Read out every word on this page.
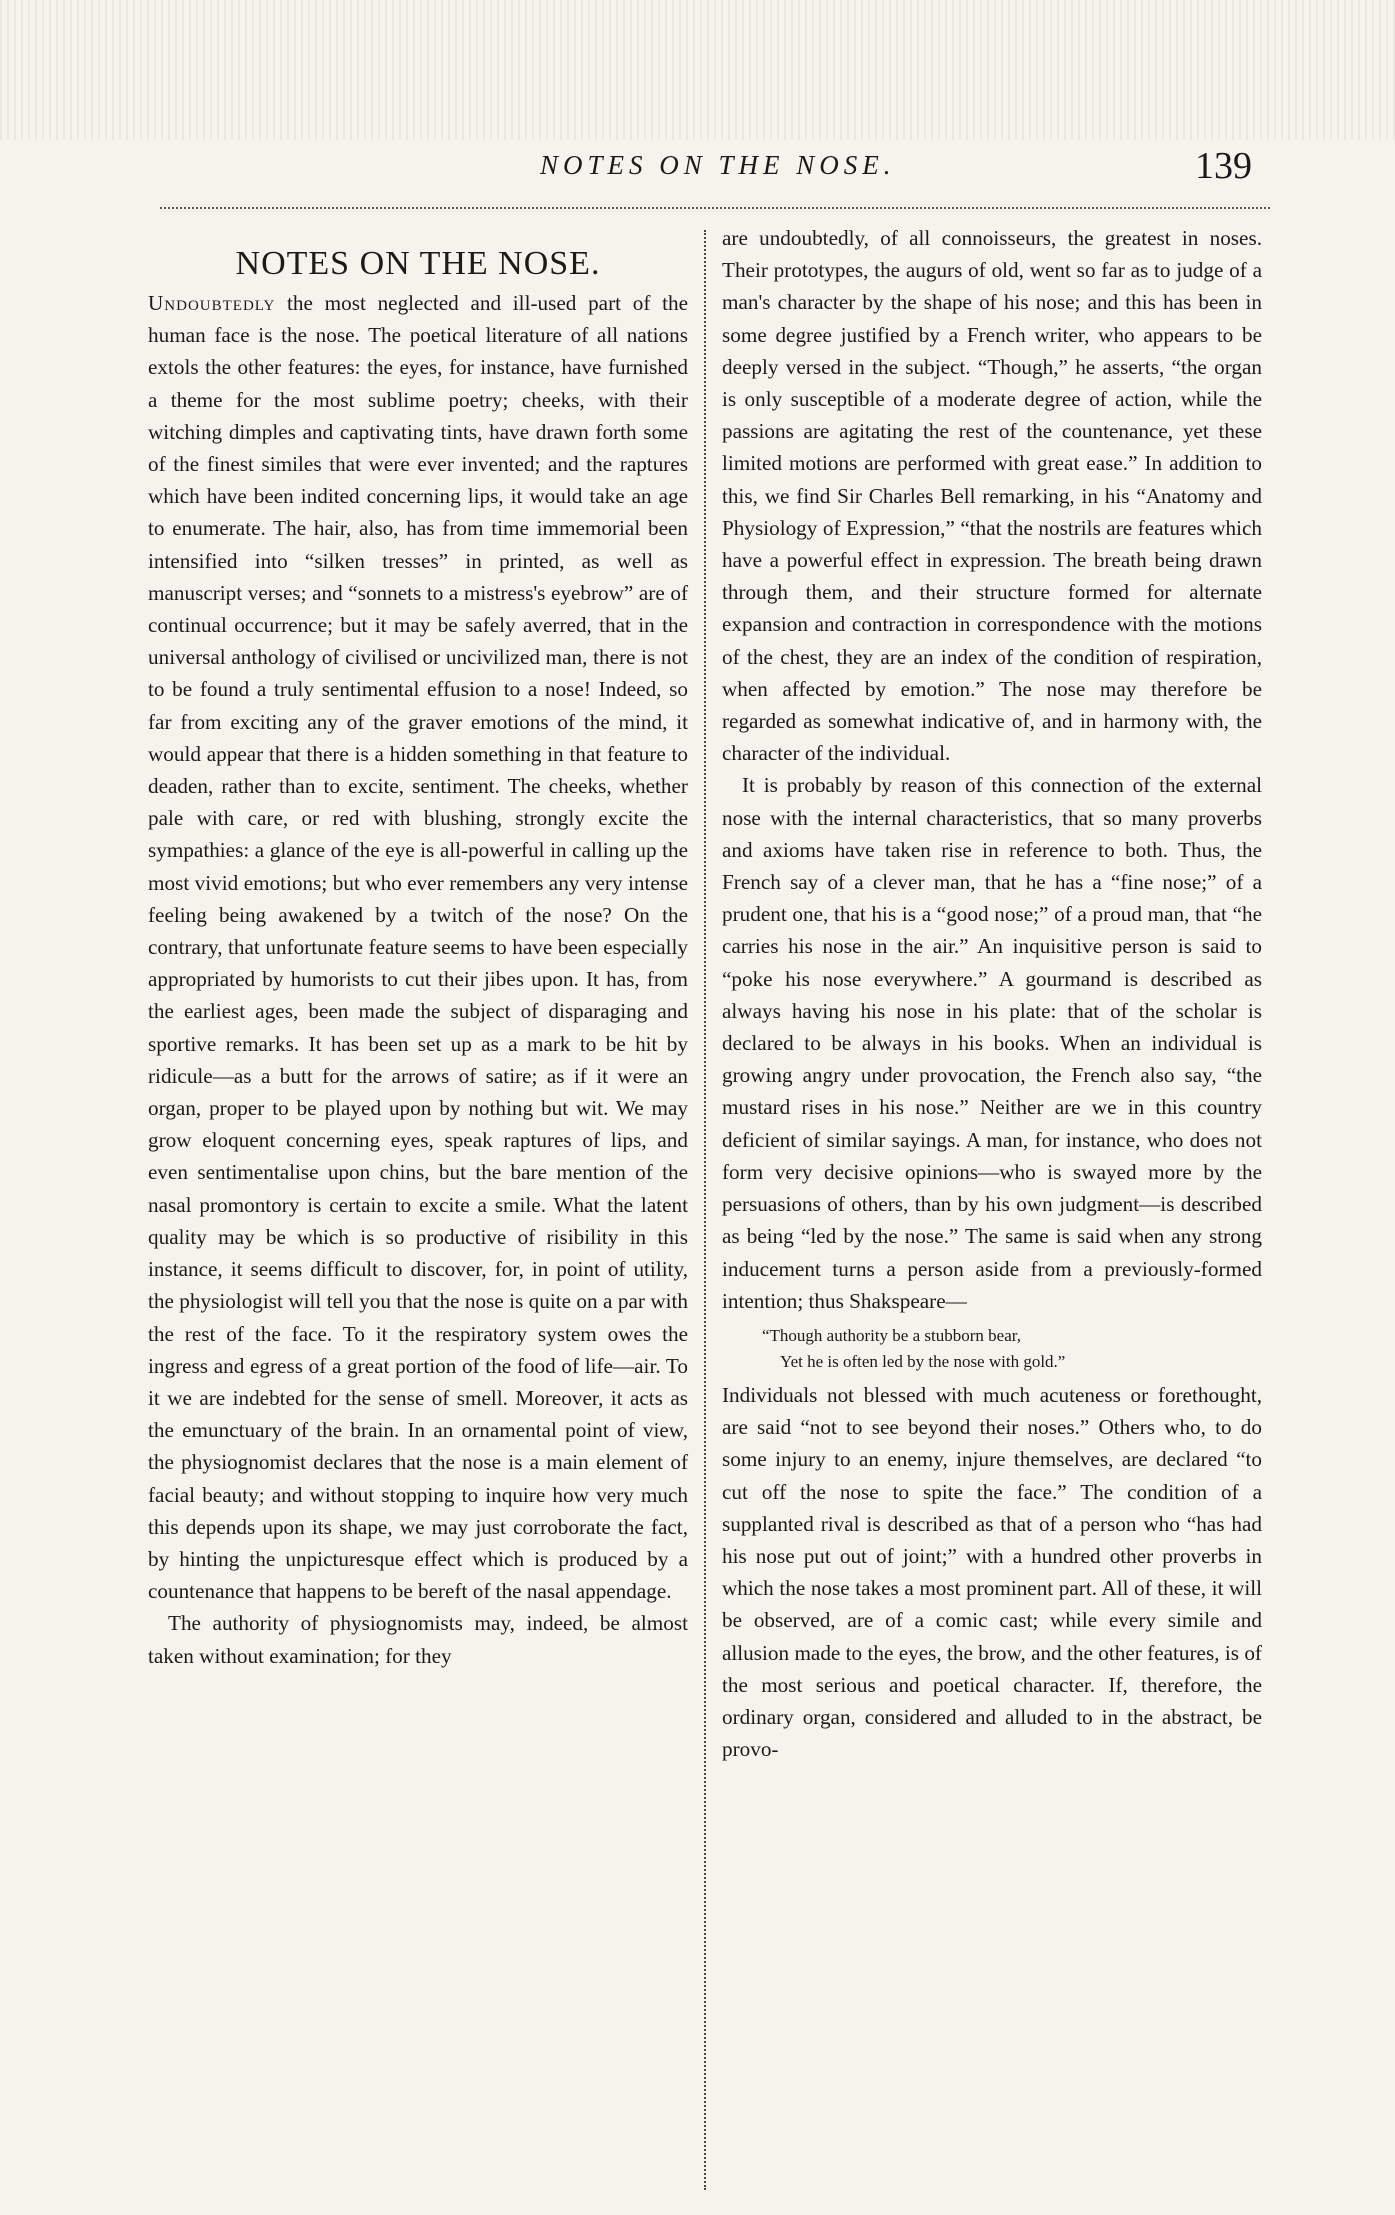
NOTES ON THE NOSE.	139
NOTES ON THE NOSE.

Undoubtedly the most neglected and ill-used part of the human face is the nose. The poetical literature of all nations extols the other features: the eyes, for instance, have furnished a theme for the most sublime poetry; cheeks, with their witching dimples and captivating tints, have drawn forth some of the finest similes that were ever invented; and the raptures which have been indited concerning lips, it would take an age to enumerate. The hair, also, has from time immemorial been intensified into “silken tresses” in printed, as well as manuscript verses; and “sonnets to a mistress's eyebrow” are of continual occurrence; but it may be safely averred, that in the universal anthology of civilised or uncivilized man, there is not to be found a truly sentimental effusion to a nose! Indeed, so far from exciting any of the graver emotions of the mind, it would appear that there is a hidden something in that feature to deaden, rather than to excite, sentiment. The cheeks, whether pale with care, or red with blushing, strongly excite the sympathies: a glance of the eye is all-powerful in calling up the most vivid emotions; but who ever remembers any very intense feeling being awakened by a twitch of the nose? On the contrary, that unfortunate feature seems to have been especially appropriated by humorists to cut their jibes upon. It has, from the earliest ages, been made the subject of disparaging and sportive remarks. It has been set up as a mark to be hit by ridicule—as a butt for the arrows of satire; as if it were an organ, proper to be played upon by nothing but wit. We may grow eloquent concerning eyes, speak raptures of lips, and even sentimentalise upon chins, but the bare mention of the nasal promontory is certain to excite a smile. What the latent quality may be which is so productive of risibility in this instance, it seems difficult to discover, for, in point of utility, the physiologist will tell you that the nose is quite on a par with the rest of the face. To it the respiratory system owes the ingress and egress of a great portion of the food of life—air. To it we are indebted for the sense of smell. Moreover, it acts as the emunctuary of the brain. In an ornamental point of view, the physiognomist declares that the nose is a main element of facial beauty; and without stopping to inquire how very much this depends upon its shape, we may just corroborate the fact, by hinting the unpicturesque effect which is produced by a countenance that happens to be bereft of the nasal appendage.

The authority of physiognomists may, indeed, be almost taken without examination; for they

are undoubtedly, of all connoisseurs, the greatest in noses. Their prototypes, the augurs of old, went so far as to judge of a man's character by the shape of his nose; and this has been in some degree justified by a French writer, who appears to be deeply versed in the subject. “Though,” he asserts, “the organ is only susceptible of a moderate degree of action, while the passions are agitating the rest of the countenance, yet these limited motions are performed with great ease.” In addition to this, we find Sir Charles Bell remarking, in his “Anatomy and Physiology of Expression,” “that the nostrils are features which have a powerful effect in expression. The breath being drawn through them, and their structure formed for alternate expansion and contraction in correspondence with the motions of the chest, they are an index of the condition of respiration, when affected by emotion.” The nose may therefore be regarded as somewhat indicative of, and in harmony with, the character of the individual.

It is probably by reason of this connection of the external nose with the internal characteristics, that so many proverbs and axioms have taken rise in reference to both. Thus, the French say of a clever man, that he has a “fine nose;” of a prudent one, that his is a “good nose;” of a proud man, that “he carries his nose in the air.” An inquisitive person is said to “poke his nose everywhere.” A gourmand is described as always having his nose in his plate: that of the scholar is declared to be always in his books. When an individual is growing angry under provocation, the French also say, “the mustard rises in his nose.” Neither are we in this country deficient of similar sayings. A man, for instance, who does not form very decisive opinions—who is swayed more by the persuasions of others, than by his own judgment—is described as being “led by the nose.” The same is said when any strong inducement turns a person aside from a previously-formed intention; thus Shakspeare—

“Though authority be a stubborn bear,
Yet he is often led by the nose with gold.”

Individuals not blessed with much acuteness or forethought, are said “not to see beyond their noses.” Others who, to do some injury to an enemy, injure themselves, are declared “to cut off the nose to spite the face.” The condition of a supplanted rival is described as that of a person who “has had his nose put out of joint;” with a hundred other proverbs in which the nose takes a most prominent part. All of these, it will be observed, are of a comic cast; while every simile and allusion made to the eyes, the brow, and the other features, is of the most serious and poetical character. If, therefore, the ordinary organ, considered and alluded to in the abstract, be provo-
